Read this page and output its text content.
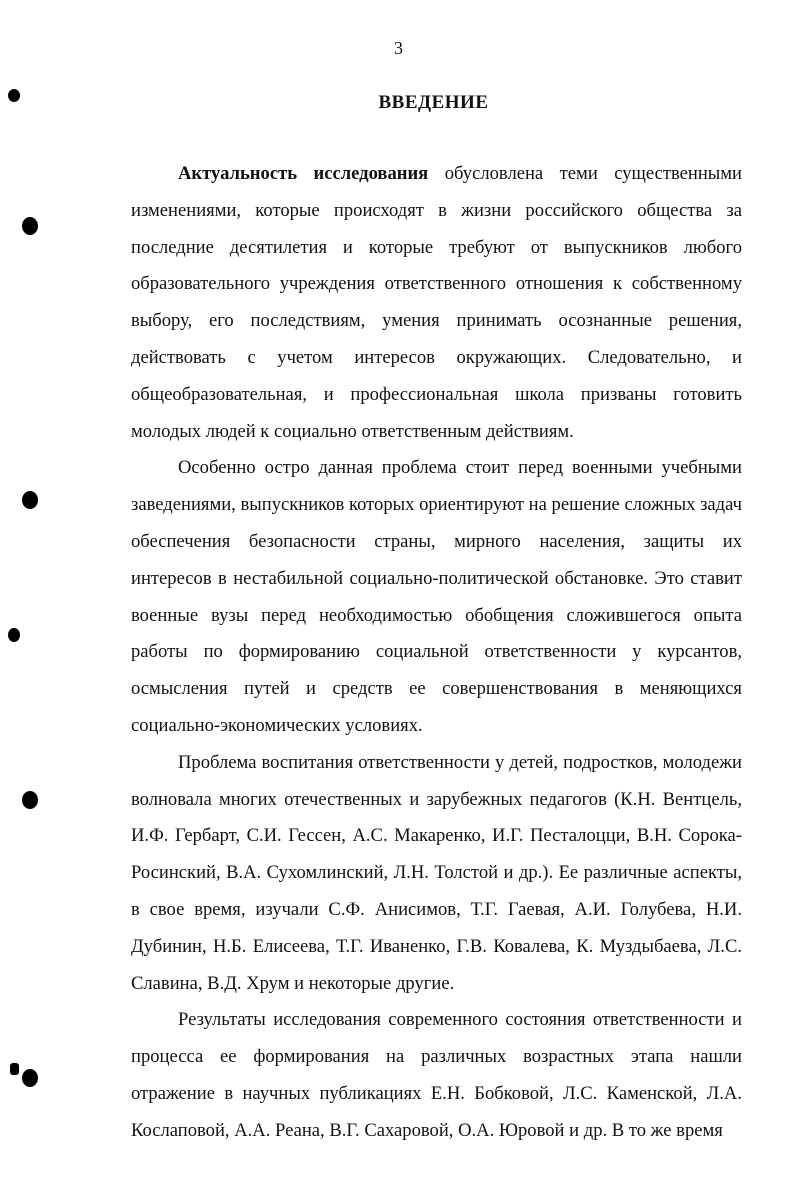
3
ВВЕДЕНИЕ

Актуальность исследования обусловлена теми существенными изменениями, которые происходят в жизни российского общества за последние десятилетия и которые требуют от выпускников любого образовательного учреждения ответственного отношения к собственному выбору, его последствиям, умения принимать осознанные решения, действовать с учетом интересов окружающих. Следовательно, и общеобразовательная, и профессиональная школа призваны готовить молодых людей к социально ответственным действиям.

Особенно остро данная проблема стоит перед военными учебными заведениями, выпускников которых ориентируют на решение сложных задач обеспечения безопасности страны, мирного населения, защиты их интересов в нестабильной социально-политической обстановке. Это ставит военные вузы перед необходимостью обобщения сложившегося опыта работы по формированию социальной ответственности у курсантов, осмысления путей и средств ее совершенствования в меняющихся социально-экономических условиях.

Проблема воспитания ответственности у детей, подростков, молодежи волновала многих отечественных и зарубежных педагогов (К.Н. Вентцель, И.Ф. Гербарт, С.И. Гессен, А.С. Макаренко, И.Г. Песталоцци, В.Н. Сорока-Росинский, В.А. Сухомлинский, Л.Н. Толстой и др.). Ее различные аспекты, в свое время, изучали С.Ф. Анисимов, Т.Г. Гаевая, А.И. Голубева, Н.И. Дубинин, Н.Б. Елисеева, Т.Г. Иваненко, Г.В. Ковалева, К. Муздыбаева, Л.С. Славина, В.Д. Хрум и некоторые другие.

Результаты исследования современного состояния ответственности и процесса ее формирования на различных возрастных этапа нашли отражение в научных публикациях Е.Н. Бобковой, Л.С. Каменской, Л.А. Кослаповой, А.А. Реана, В.Г. Сахаровой, О.А. Юровой и др. В то же время
